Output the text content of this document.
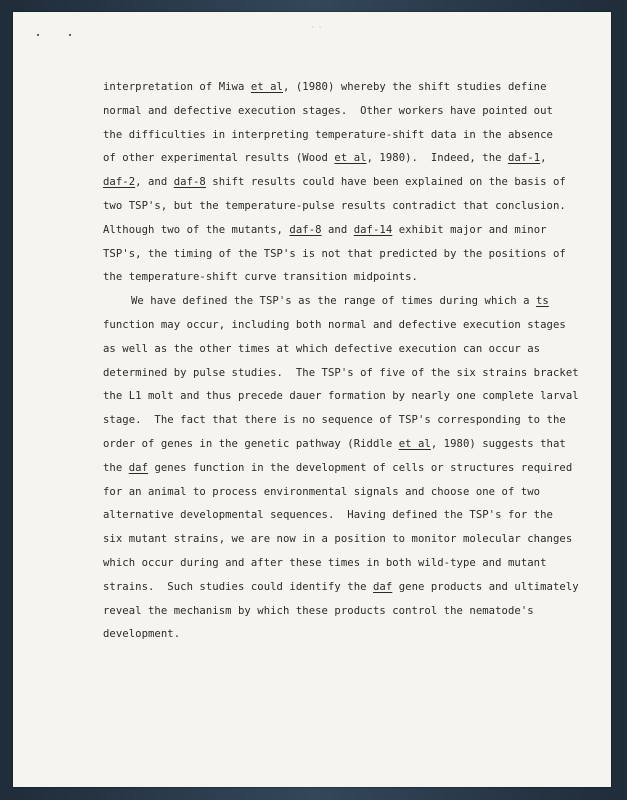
· ·
interpretation of Miwa et al, (1980) whereby the shift studies define
normal and defective execution stages.  Other workers have pointed out
the difficulties in interpreting temperature-shift data in the absence
of other experimental results (Wood et al, 1980).  Indeed, the daf-1,
daf-2, and daf-8 shift results could have been explained on the basis of
two TSP's, but the temperature-pulse results contradict that conclusion.
Although two of the mutants, daf-8 and daf-14 exhibit major and minor
TSP's, the timing of the TSP's is not that predicted by the positions of
the temperature-shift curve transition midpoints.
We have defined the TSP's as the range of times during which a ts
function may occur, including both normal and defective execution stages
as well as the other times at which defective execution can occur as
determined by pulse studies.  The TSP's of five of the six strains bracket
the L1 molt and thus precede dauer formation by nearly one complete larval
stage.  The fact that there is no sequence of TSP's corresponding to the
order of genes in the genetic pathway (Riddle et al, 1980) suggests that
the daf genes function in the development of cells or structures required
for an animal to process environmental signals and choose one of two
alternative developmental sequences.  Having defined the TSP's for the
six mutant strains, we are now in a position to monitor molecular changes
which occur during and after these times in both wild-type and mutant
strains.  Such studies could identify the daf gene products and ultimately
reveal the mechanism by which these products control the nematode's
development.
